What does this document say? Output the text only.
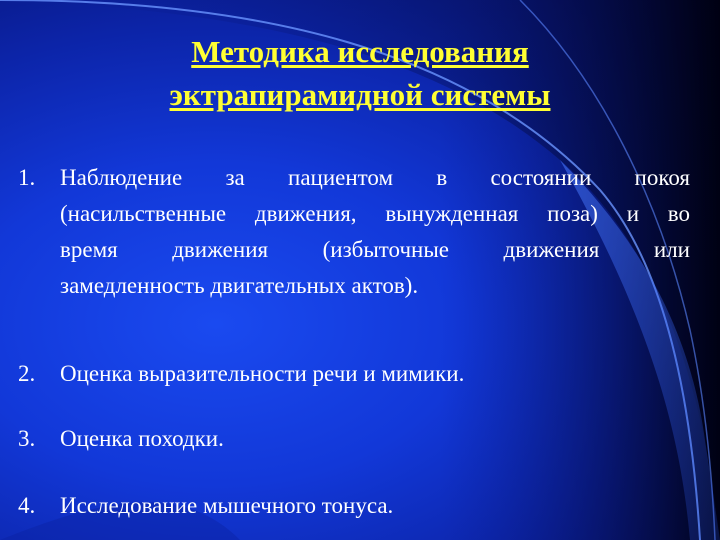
Методика исследования
эктрапирамидной системы
1. Наблюдение за пациентом в состоянии покоя
(насильственные движения, вынужденная поза) и во
время движения (избыточные движения или
замедленность двигательных актов).
2. Оценка выразительности речи и мимики.
3. Оценка походки.
4. Исследование мышечного тонуса.
